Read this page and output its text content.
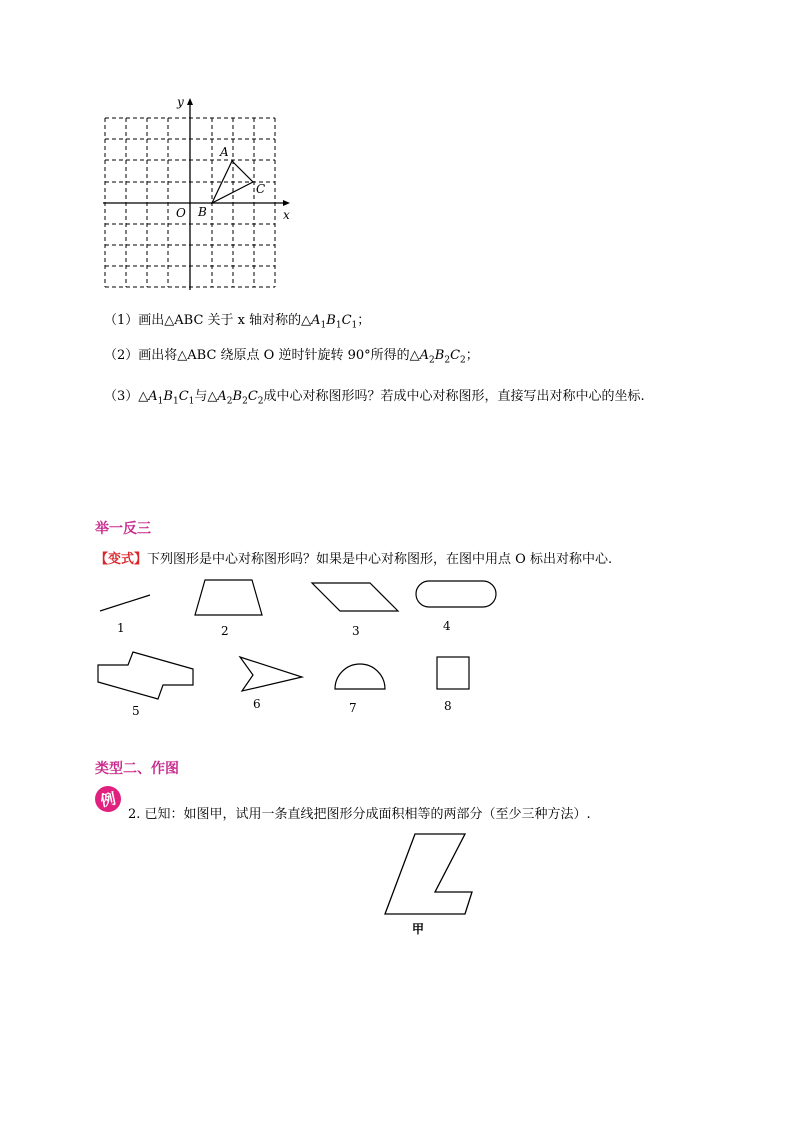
y
x
O
A
B
C
（1）画出△ABC 关于 x 轴对称的$\triangle A_1B_1C_1$；
（2）画出将△ABC 绕原点 O 逆时针旋转 90°所得的$\triangle A_2B_2C_2$；
$(3)\triangle A_1B_1C_1$与$\triangle A_2B_2C_2$成中心对称图形吗？若成中心对称图形，直接写出对称中心的坐标.
举一反三
【变式】下列图形是中心对称图形吗？如果是中心对称图形，在图中用点 O 标出对称中心.
1	2	3	4
5	6	7	8
类型二、作图
例
2. 已知：如图甲，试用一条直线把图形分成面积相等的两部分（至少三种方法）.
甲
